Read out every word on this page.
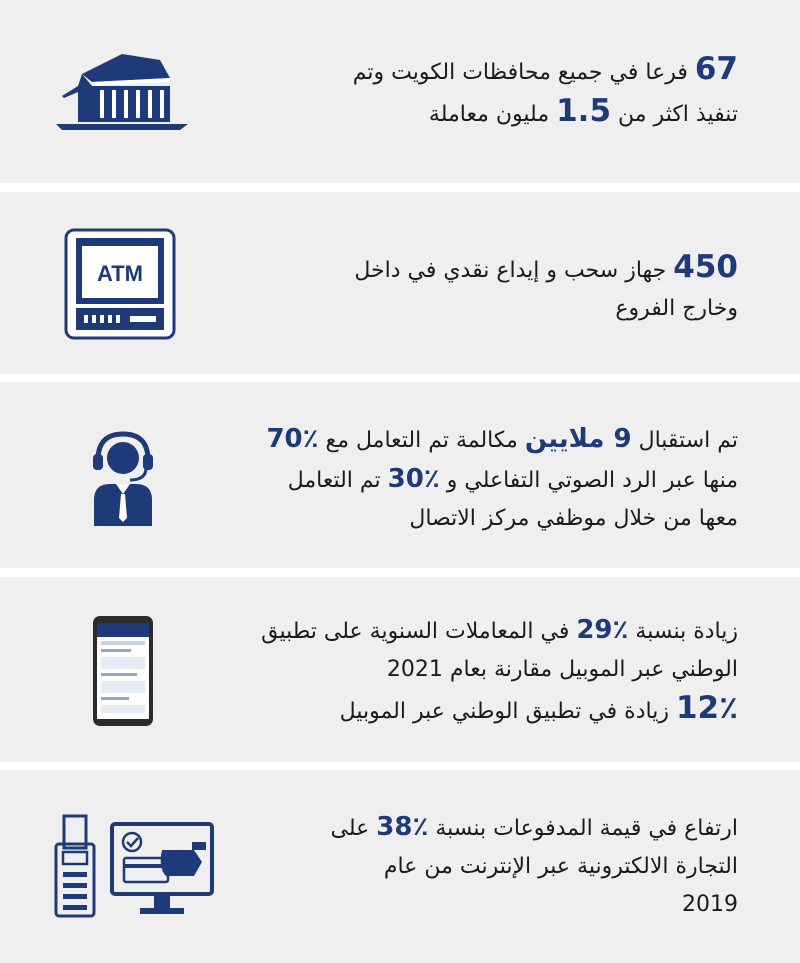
67 فرعا في جميع محافظات الكويت وتم
تنفيذ اكثر من 1.5 مليون معاملة
ATM	450 جهاز سحب و إيداع نقدي في داخل
وخارج الفروع
تم استقبال 9 ملايين مكالمة تم التعامل مع 70٪
منها عبر الرد الصوتي التفاعلي و 30٪ تم التعامل
معها من خلال موظفي مركز الاتصال
زيادة بنسبة 29٪ في المعاملات السنوية على تطبيق
الوطني عبر الموبيل مقارنة بعام 2021
12٪ زيادة في تطبيق الوطني عبر الموبيل
ارتفاع في قيمة المدفوعات بنسبة 38٪ على
التجارة الالكترونية عبر الإنترنت من عام
2019
